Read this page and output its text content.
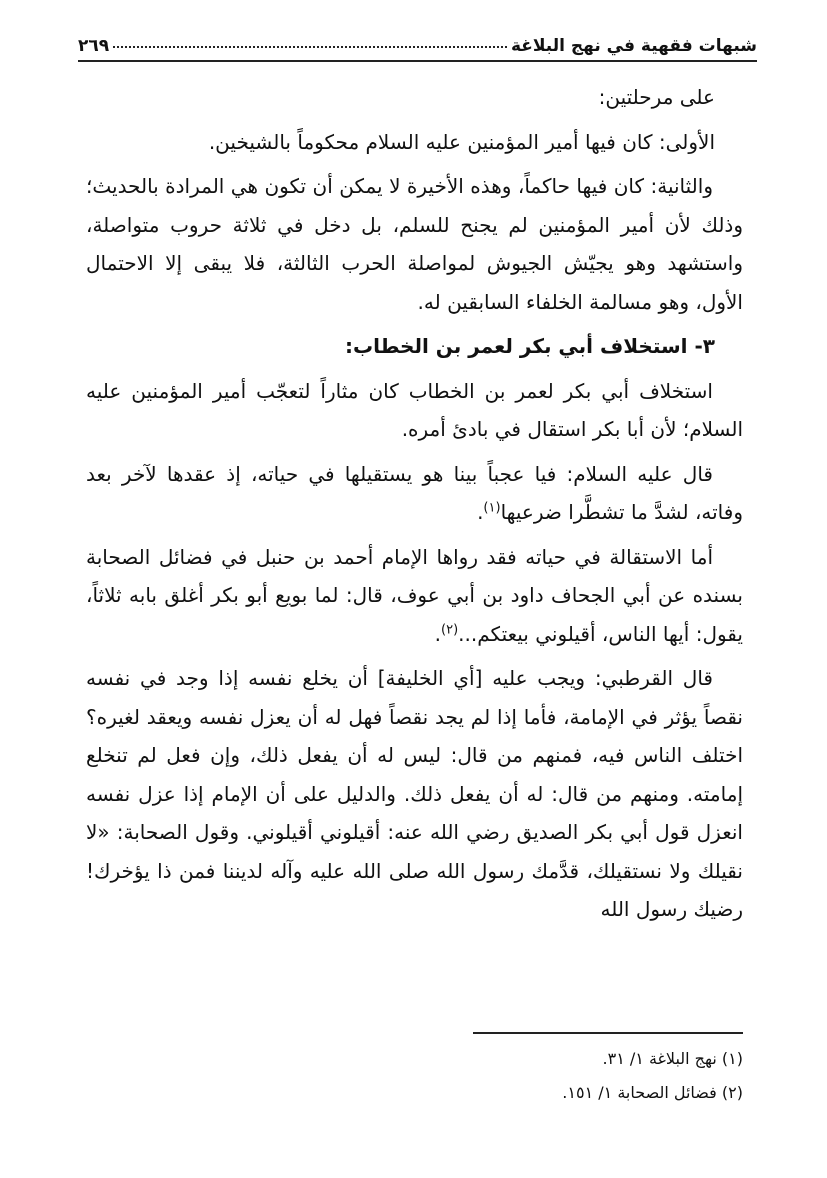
شبهات فقهية في نهج البلاغة
٢٦٩

على مرحلتين:

الأولى: كان فيها أمير المؤمنين عليه السلام محكوماً بالشيخين.

والثانية: كان فيها حاكماً، وهذه الأخيرة لا يمكن أن تكون هي المرادة بالحديث؛ وذلك لأن أمير المؤمنين لم يجنح للسلم، بل دخل في ثلاثة حروب متواصلة، واستشهد وهو يجيّش الجيوش لمواصلة الحرب الثالثة، فلا يبقى إلا الاحتمال الأول، وهو مسالمة الخلفاء السابقين له.

٣- استخلاف أبي بكر لعمر بن الخطاب:

استخلاف أبي بكر لعمر بن الخطاب كان مثاراً لتعجّب أمير المؤمنين عليه السلام؛ لأن أبا بكر استقال في بادئ أمره.

قال عليه السلام: فيا عجباً بينا هو يستقيلها في حياته، إذ عقدها لآخر بعد وفاته، لشدَّ ما تشطَّرا ضرعيها$^{(١)}$.

أما الاستقالة في حياته فقد رواها الإمام أحمد بن حنبل في فضائل الصحابة بسنده عن أبي الجحاف داود بن أبي عوف، قال: لما بويع أبو بكر أغلق بابه ثلاثاً، يقول: أيها الناس، أقيلوني بيعتكم...$^{(٢)}$.

قال القرطبي: ويجب عليه [أي الخليفة] أن يخلع نفسه إذا وجد في نفسه نقصاً يؤثر في الإمامة، فأما إذا لم يجد نقصاً فهل له أن يعزل نفسه ويعقد لغيره؟ اختلف الناس فيه، فمنهم من قال: ليس له أن يفعل ذلك، وإن فعل لم تنخلع إمامته. ومنهم من قال: له أن يفعل ذلك. والدليل على أن الإمام إذا عزل نفسه انعزل قول أبي بكر الصديق رضي الله عنه: أقيلوني أقيلوني. وقول الصحابة: «لا نقيلك ولا نستقيلك، قدَّمك رسول الله صلى الله عليه وآله لديننا فمن ذا يؤخرك! رضيك رسول الله

(١) نهج البلاغة ١/ ٣١.
(٢) فضائل الصحابة ١/ ١٥١.
